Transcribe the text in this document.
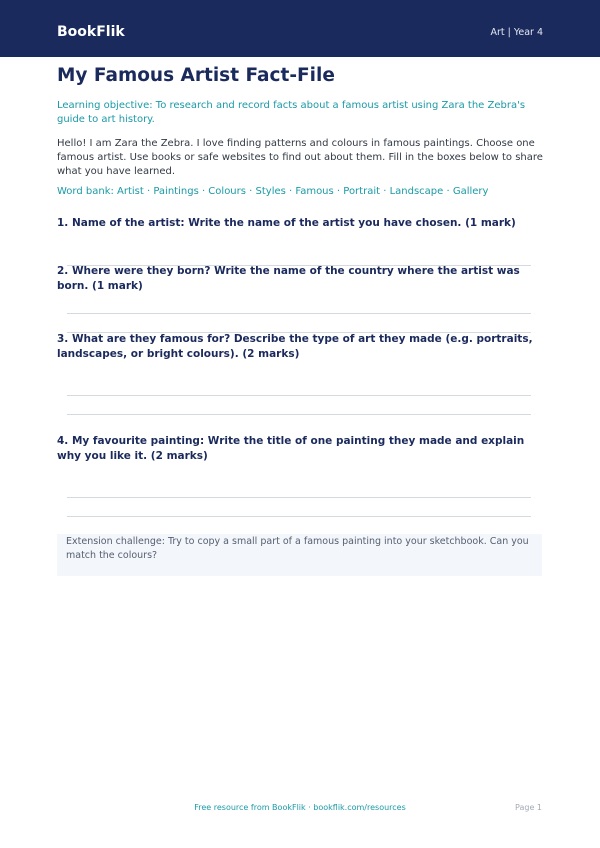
BookFlik	Art | Year 4
My Famous Artist Fact-File
Learning objective: To research and record facts about a famous artist using Zara the Zebra's guide to art history.
Hello! I am Zara the Zebra. I love finding patterns and colours in famous paintings. Choose one famous artist. Use books or safe websites to find out about them. Fill in the boxes below to share what you have learned.
Word bank: Artist · Paintings · Colours · Styles · Famous · Portrait · Landscape · Gallery
1. Name of the artist: Write the name of the artist you have chosen. (1 mark)
2. Where were they born? Write the name of the country where the artist was born. (1 mark)
3. What are they famous for? Describe the type of art they made (e.g. portraits, landscapes, or bright colours). (2 marks)
4. My favourite painting: Write the title of one painting they made and explain why you like it. (2 marks)
Extension challenge: Try to copy a small part of a famous painting into your sketchbook. Can you match the colours?
Free resource from BookFlik · bookflik.com/resources	Page 1
